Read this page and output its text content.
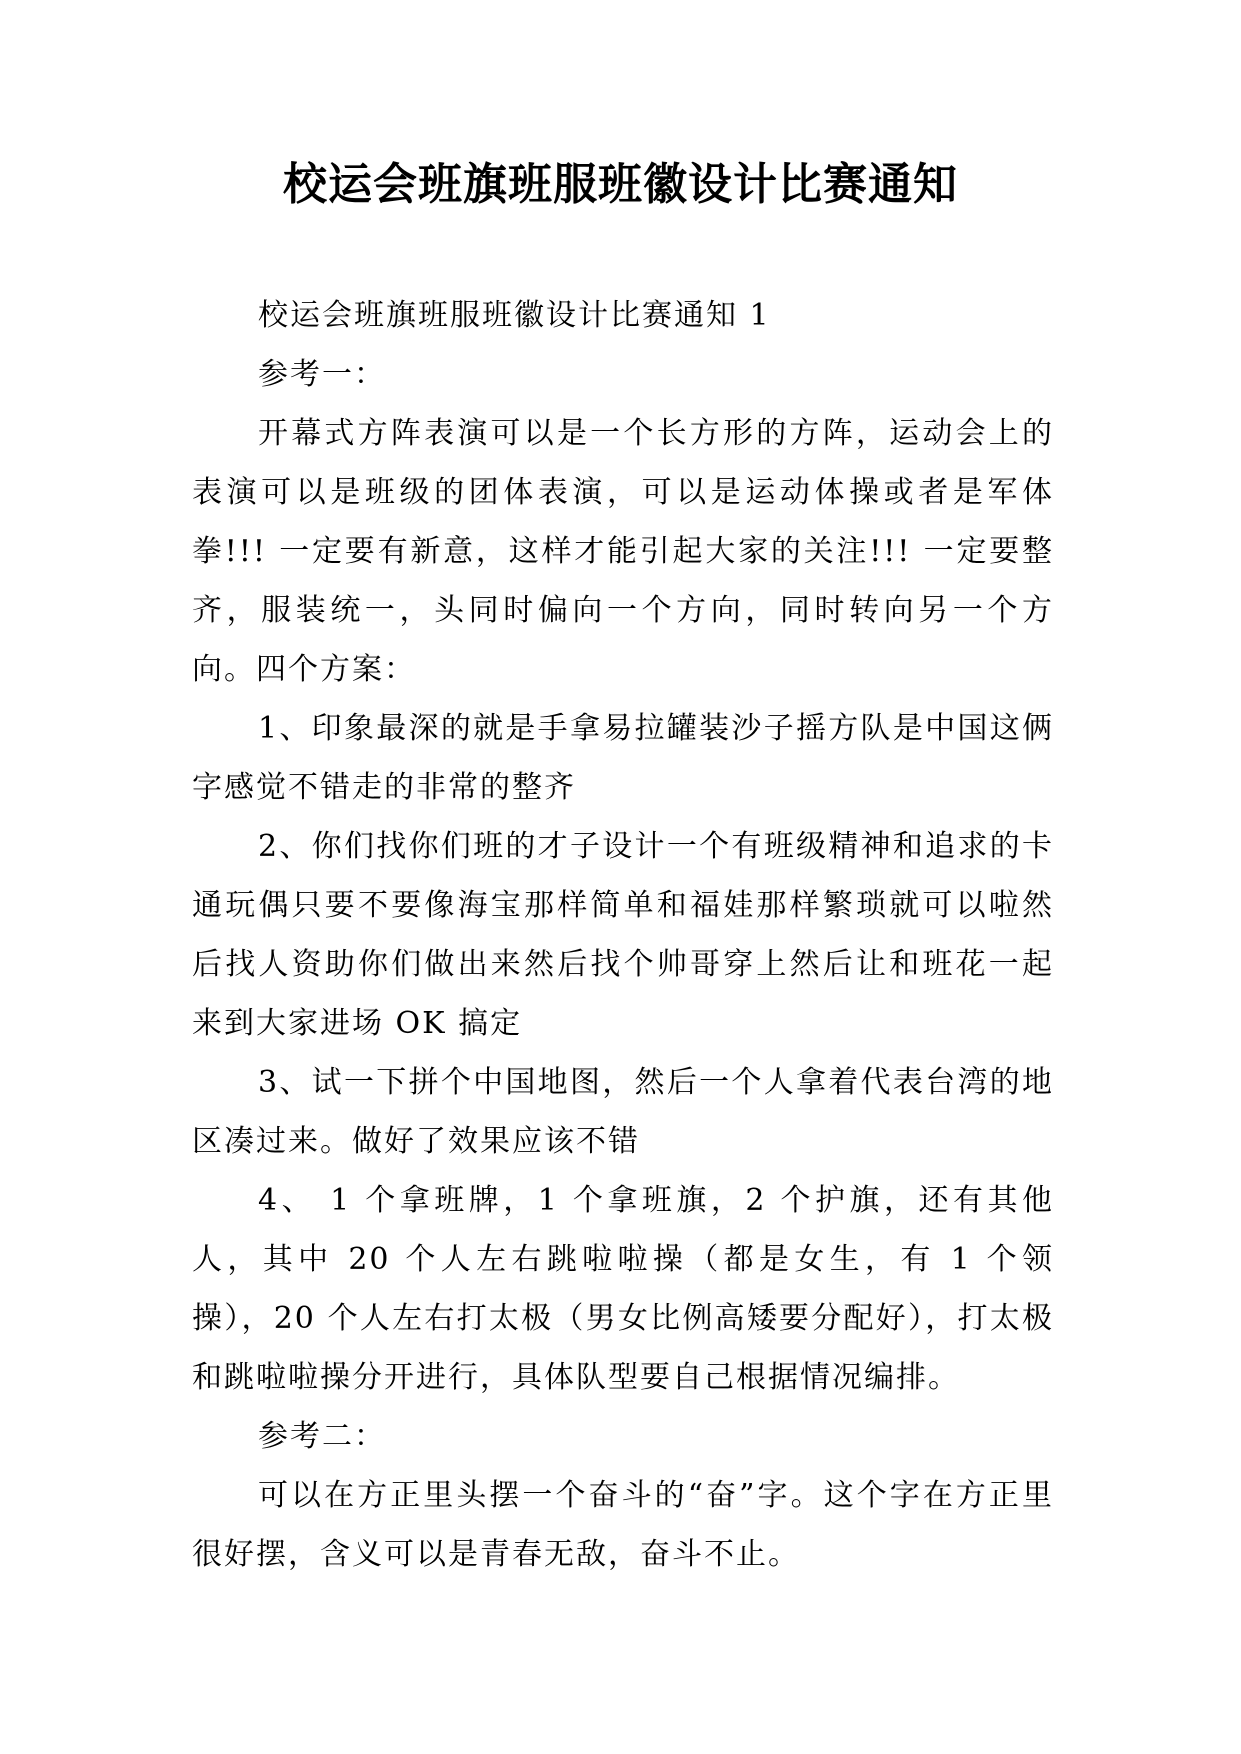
校运会班旗班服班徽设计比赛通知

校运会班旗班服班徽设计比赛通知 1

参考一：

开幕式方阵表演可以是一个长方形的方阵，运动会上的表演可以是班级的团体表演，可以是运动体操或者是军体拳!!! 一定要有新意，这样才能引起大家的关注!!! 一定要整齐，服装统一，头同时偏向一个方向，同时转向另一个方向。四个方案：

1、印象最深的就是手拿易拉罐装沙子摇方队是中国这俩字感觉不错走的非常的整齐

2、你们找你们班的才子设计一个有班级精神和追求的卡通玩偶只要不要像海宝那样简单和福娃那样繁琐就可以啦然后找人资助你们做出来然后找个帅哥穿上然后让和班花一起来到大家进场 OK 搞定

3、试一下拼个中国地图，然后一个人拿着代表台湾的地区凑过来。做好了效果应该不错

4、 1 个拿班牌，1 个拿班旗，2 个护旗，还有其他人，其中 20 个人左右跳啦啦操（都是女生，有 1 个领操），20 个人左右打太极（男女比例高矮要分配好），打太极和跳啦啦操分开进行，具体队型要自己根据情况编排。

参考二：

可以在方正里头摆一个奋斗的“奋”字。这个字在方正里很好摆，含义可以是青春无敌，奋斗不止。
